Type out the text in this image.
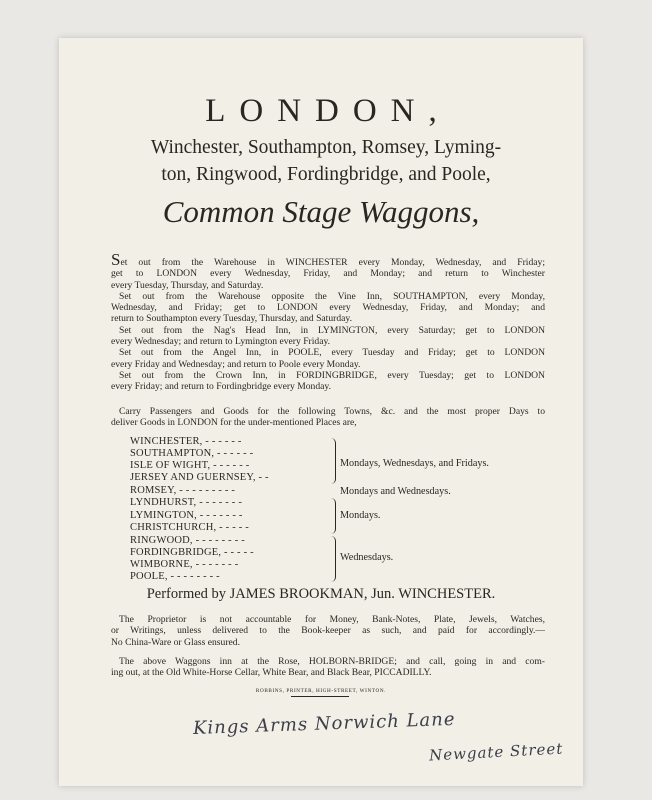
LONDON,
Winchester, Southampton, Romsey, Lyming-
ton, Ringwood, Fordingbridge, and Poole,
Common Stage Waggons,
Set out from the Warehouse in WINCHESTER every Monday, Wednesday, and Friday;
get to LONDON every Wednesday, Friday, and Monday; and return to Winchester
every Tuesday, Thursday, and Saturday.
Set out from the Warehouse opposite the Vine Inn, SOUTHAMPTON, every Monday,
Wednesday, and Friday; get to LONDON every Wednesday, Friday, and Monday; and
return to Southampton every Tuesday, Thursday, and Saturday.
Set out from the Nag's Head Inn, in LYMINGTON, every Saturday; get to LONDON
every Wednesday; and return to Lymington every Friday.
Set out from the Angel Inn, in POOLE, every Tuesday and Friday; get to LONDON
every Friday and Wednesday; and return to Poole every Monday.
Set out from the Crown Inn, in FORDINGBRIDGE, every Tuesday; get to LONDON
every Friday; and return to Fordingbridge every Monday.
Carry Passengers and Goods for the following Towns, &c. and the most proper Days to
deliver Goods in LONDON for the under-mentioned Places are,
WINCHESTER, - - - - - -
SOUTHAMPTON, - - - - - -
ISLE OF WIGHT, - - - - - -
JERSEY AND GUERNSEY, - -
ROMSEY, - - - - - - - - -
LYNDHURST, - - - - - - -
LYMINGTON, - - - - - - -
CHRISTCHURCH, - - - - -
RINGWOOD, - - - - - - - -
FORDINGBRIDGE, - - - - -
WIMBORNE, - - - - - - -
POOLE, - - - - - - - -
Mondays, Wednesdays, and Fridays.
Mondays and Wednesdays.
Mondays.
Wednesdays.
Performed by JAMES BROOKMAN, Jun. WINCHESTER.
The Proprietor is not accountable for Money, Bank-Notes, Plate, Jewels, Watches,
or Writings, unless delivered to the Book-keeper as such, and paid for accordingly.—
No China-Ware or Glass ensured.
The above Waggons inn at the Rose, HOLBORN-BRIDGE; and call, going in and com-
ing out, at the Old White-Horse Cellar, White Bear, and Black Bear, PICCADILLY.
ROBBINS, PRINTER, HIGH-STREET, WINTON.
Kings Arms Norwich Lane
Newgate Street
